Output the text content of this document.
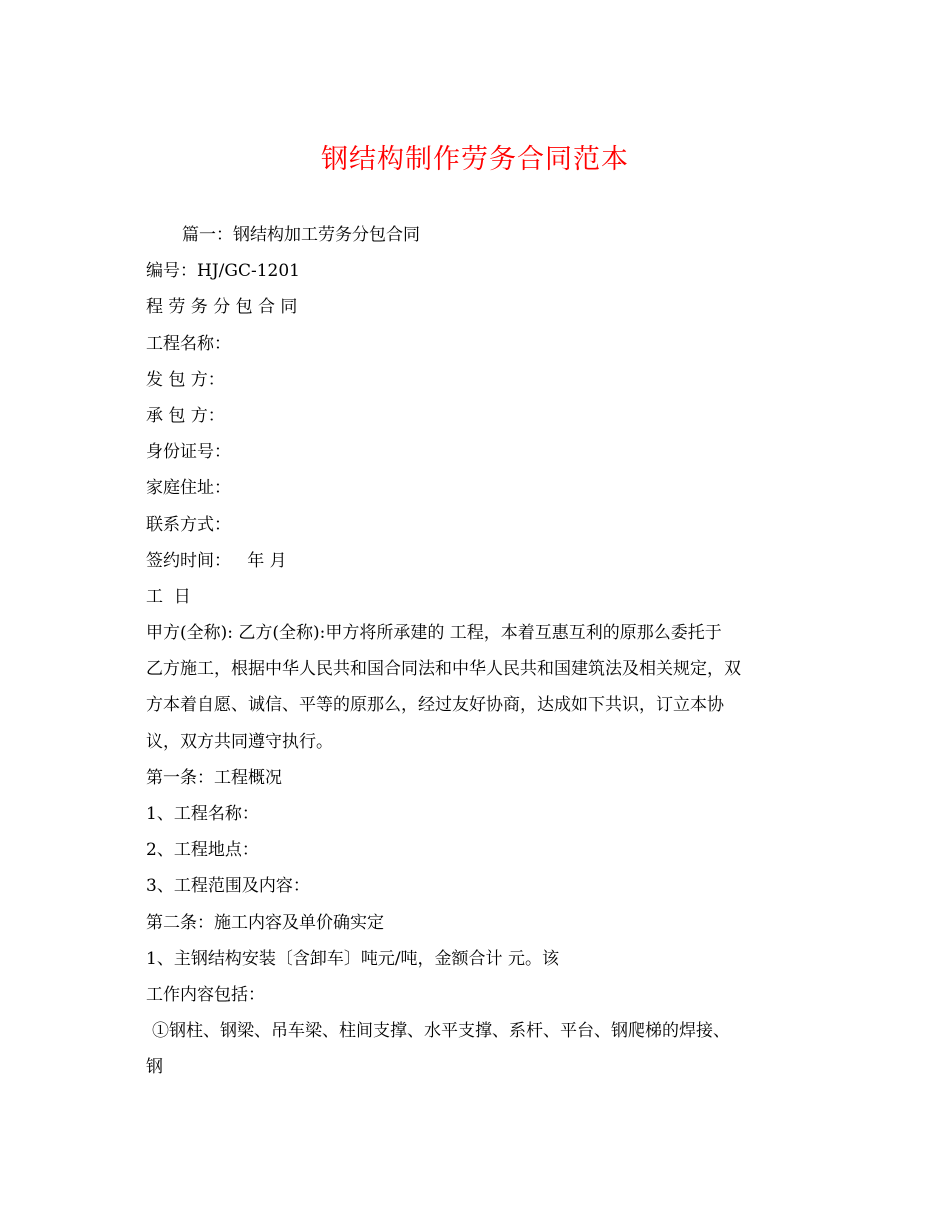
钢结构制作劳务合同范本
篇一：钢结构加工劳务分包合同
编号：HJ/GC-1201
程 劳 务 分 包 合 同
工程名称：
发 包 方：
承 包 方：
身份证号：
家庭住址：
联系方式：
签约时间：   年 月
工  日
甲方(全称): 乙方(全称):甲方将所承建的 工程，本着互惠互利的原那么委托于
乙方施工，根据中华人民共和国合同法和中华人民共和国建筑法及相关规定，双
方本着自愿、诚信、平等的原那么，经过友好协商，达成如下共识，订立本协
议，双方共同遵守执行。
第一条：工程概况
1、工程名称：
2、工程地点：
3、工程范围及内容：
第二条：施工内容及单价确实定
1、主钢结构安装〔含卸车〕吨元/吨，金额合计 元。该
工作内容包括：
①钢柱、钢梁、吊车梁、柱间支撑、水平支撑、系杆、平台、钢爬梯的焊接、
钢
